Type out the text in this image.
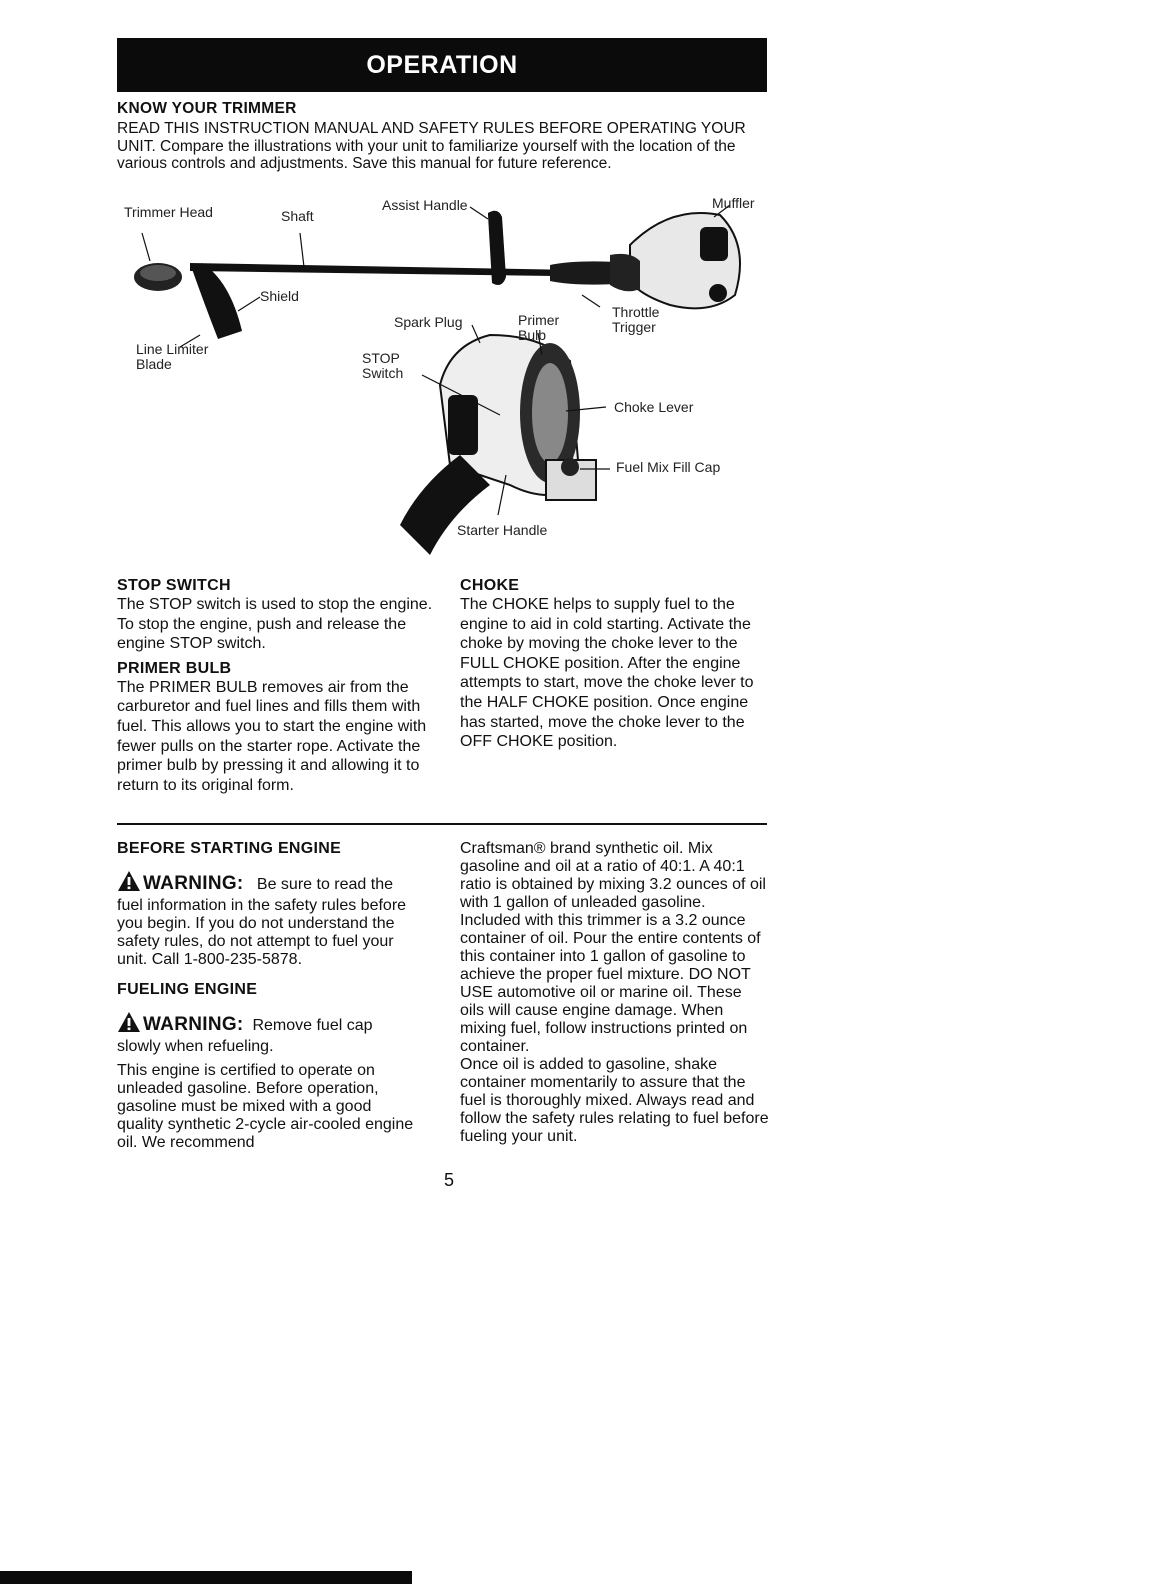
OPERATION

KNOW YOUR TRIMMER

READ THIS INSTRUCTION MANUAL AND SAFETY RULES BEFORE OPERATING YOUR UNIT. Compare the illustrations with your unit to familiarize yourself with the location of the various controls and adjustments. Save this manual for future reference.

Trimmer Head	Shaft
Assist Handle	Muffler
Shield
Spark Plug	Primer Bulb
Throttle Trigger
Line Limiter Blade	STOP Switch
Choke Lever
Fuel Mix Fill Cap
Starter Handle

STOP SWITCH

The STOP switch is used to stop the engine. To stop the engine, push and release the engine STOP switch.

PRIMER BULB

The PRIMER BULB removes air from the carburetor and fuel lines and fills them with fuel. This allows you to start the engine with fewer pulls on the starter rope. Activate the primer bulb by pressing it and allowing it to return to its original form.

CHOKE

The CHOKE helps to supply fuel to the engine to aid in cold starting. Activate the choke by moving the choke lever to the FULL CHOKE position. After the engine attempts to start, move the choke lever to the HALF CHOKE position. Once engine has started, move the choke lever to the OFF CHOKE position.

BEFORE STARTING ENGINE

WARNING: Be sure to read the fuel information in the safety rules before you begin. If you do not understand the safety rules, do not attempt to fuel your unit. Call 1-800-235-5878.

FUELING ENGINE

WARNING: Remove fuel cap slowly when refueling.

This engine is certified to operate on unleaded gasoline. Before operation, gasoline must be mixed with a good quality synthetic 2-cycle air-cooled engine oil. We recommend

Craftsman® brand synthetic oil. Mix gasoline and oil at a ratio of 40:1. A 40:1 ratio is obtained by mixing 3.2 ounces of oil with 1 gallon of unleaded gasoline. Included with this trimmer is a 3.2 ounce container of oil. Pour the entire contents of this container into 1 gallon of gasoline to achieve the proper fuel mixture. DO NOT USE automotive oil or marine oil. These oils will cause engine damage. When mixing fuel, follow instructions printed on container.

Once oil is added to gasoline, shake container momentarily to assure that the fuel is thoroughly mixed. Always read and follow the safety rules relating to fuel before fueling your unit.

5
